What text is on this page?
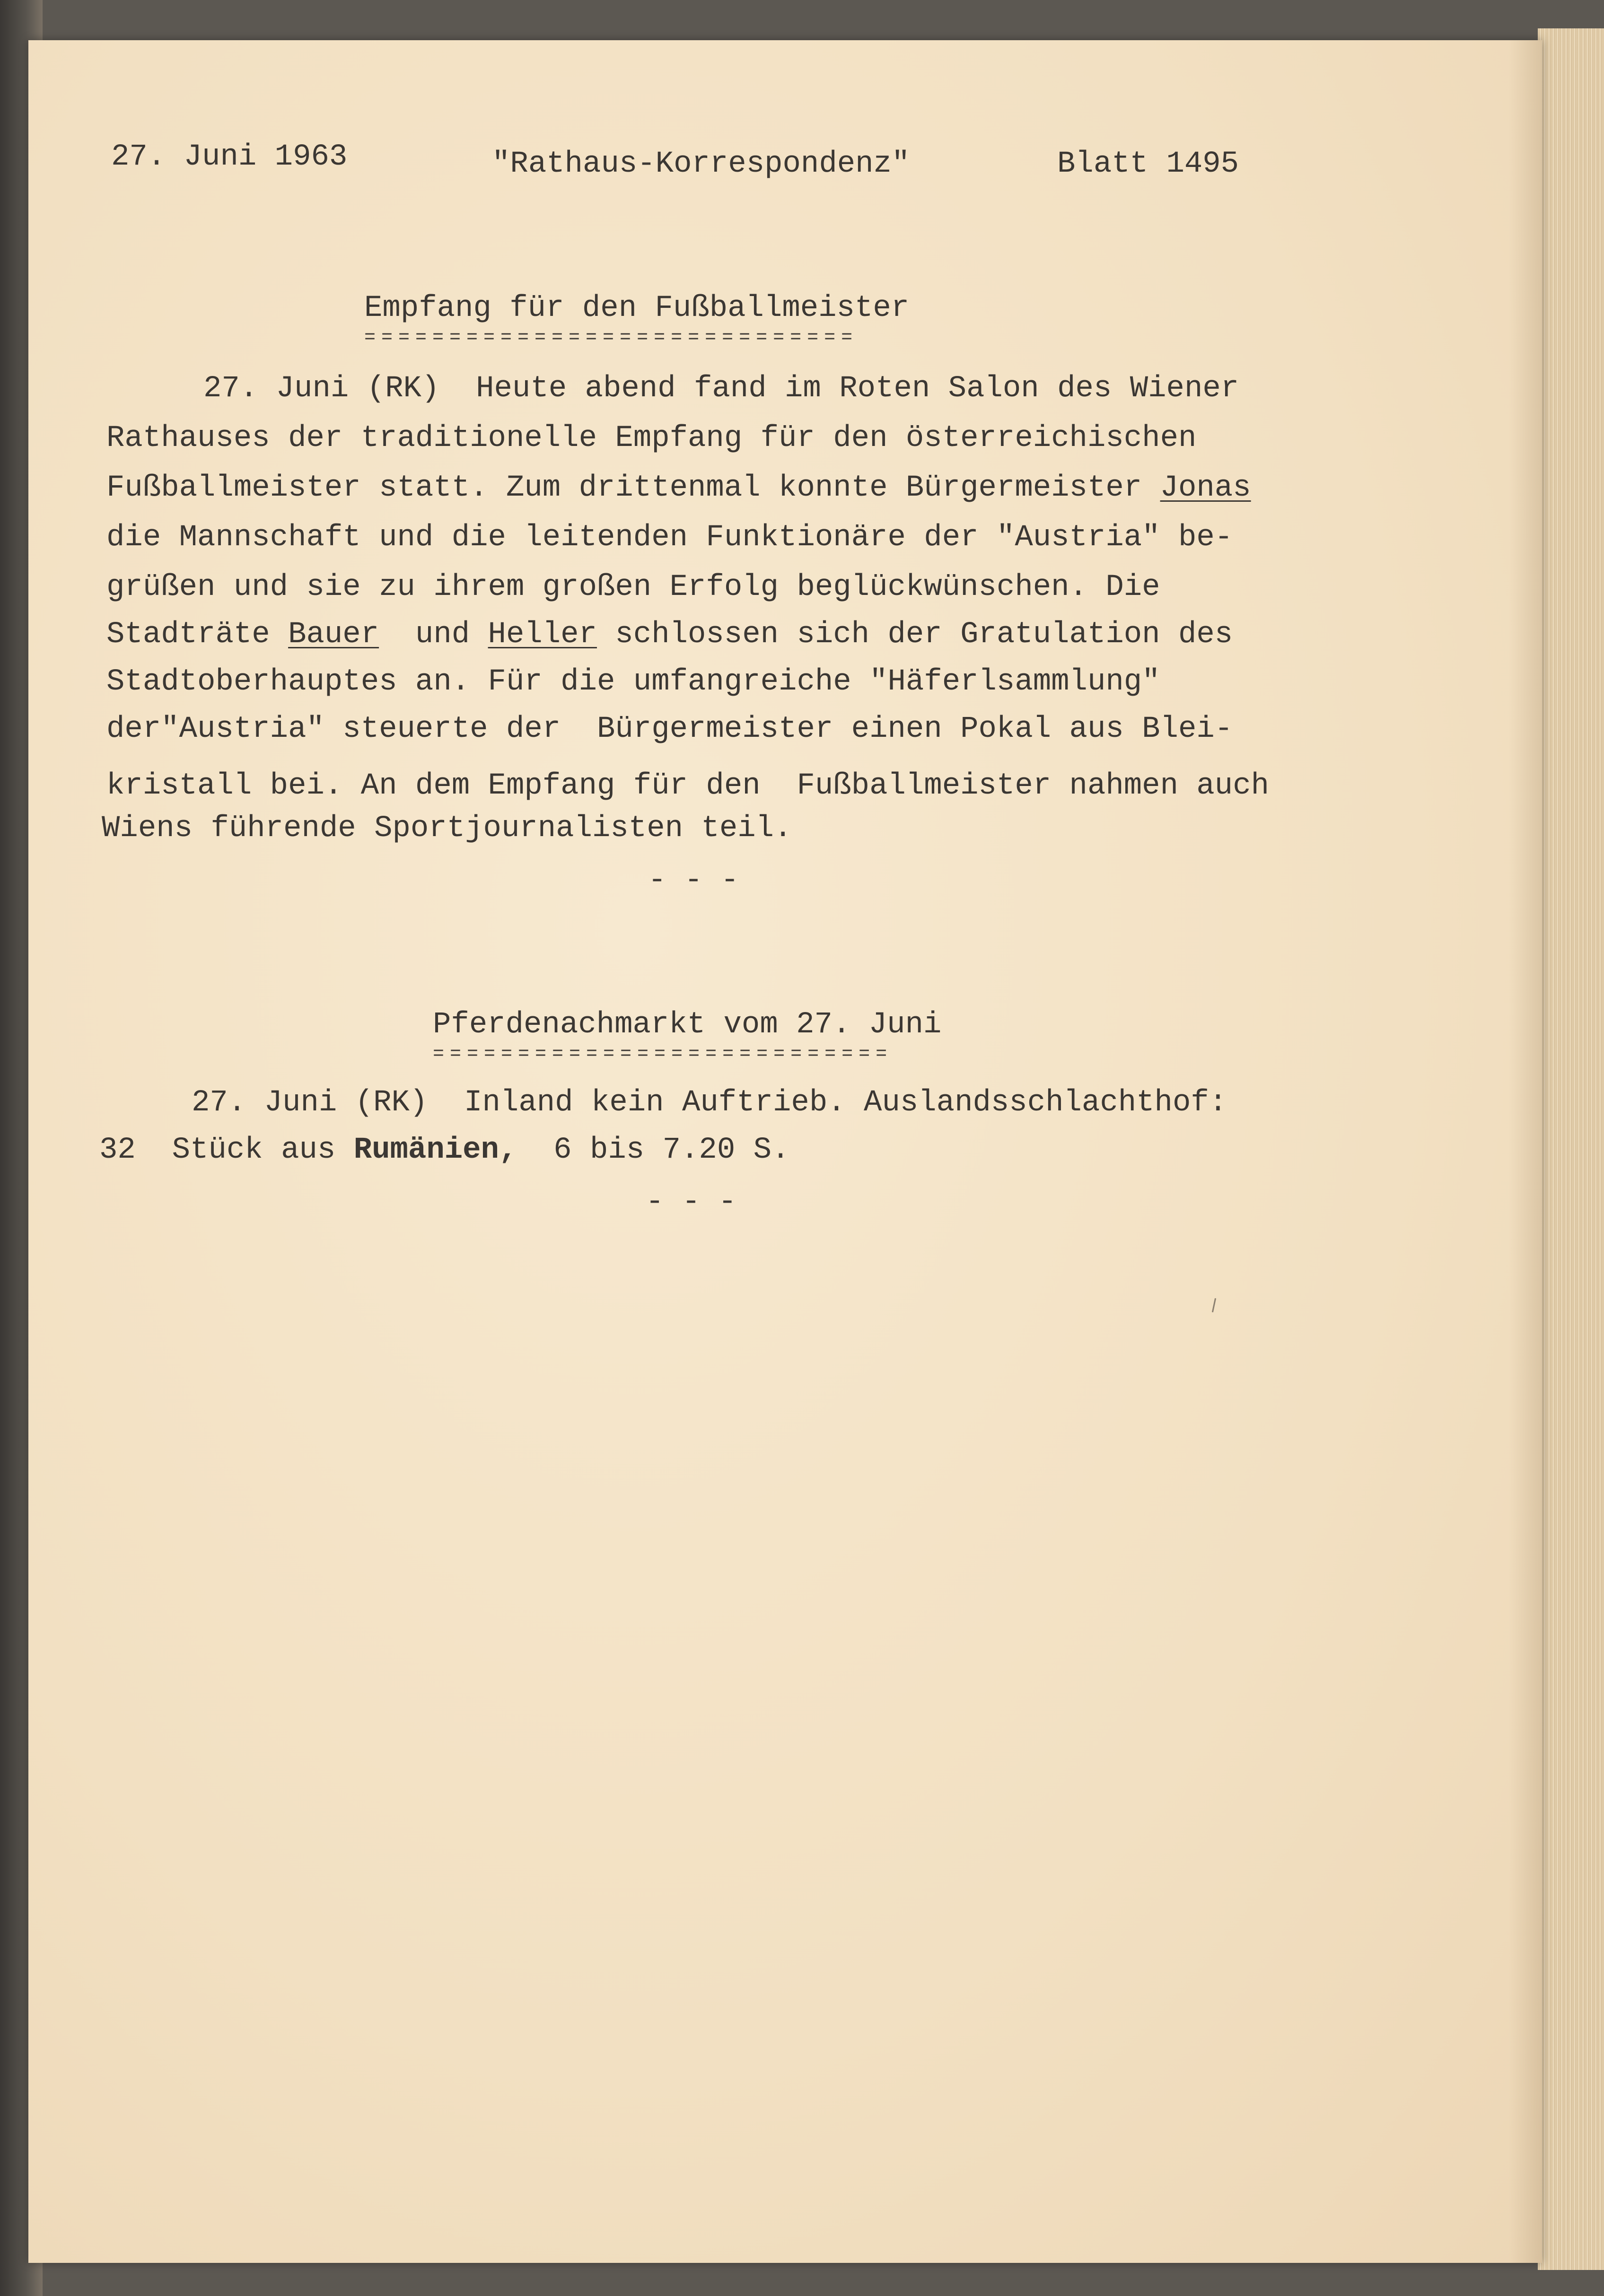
27. Juni 1963	"Rathaus-Korrespondenz"	Blatt 1495
Empfang für den Fußballmeister
=============================
27. Juni (RK)  Heute abend fand im Roten Salon des Wiener
Rathauses der traditionelle Empfang für den österreichischen
Fußballmeister statt. Zum drittenmal konnte Bürgermeister Jonas
die Mannschaft und die leitenden Funktionäre der "Austria" be-
grüßen und sie zu ihrem großen Erfolg beglückwünschen. Die
Stadträte Bauer  und Heller schlossen sich der Gratulation des
Stadtoberhauptes an. Für die umfangreiche "Häferlsammlung"
der"Austria" steuerte der  Bürgermeister einen Pokal aus Blei-
kristall bei. An dem Empfang für den  Fußballmeister nahmen auch
Wiens führende Sportjournalisten teil.
- - -
Pferdenachmarkt vom 27. Juni
===========================
27. Juni (RK)  Inland kein Auftrieb. Auslandsschlachthof:
32  Stück aus Rumänien,  6 bis 7.20 S.
- - -
